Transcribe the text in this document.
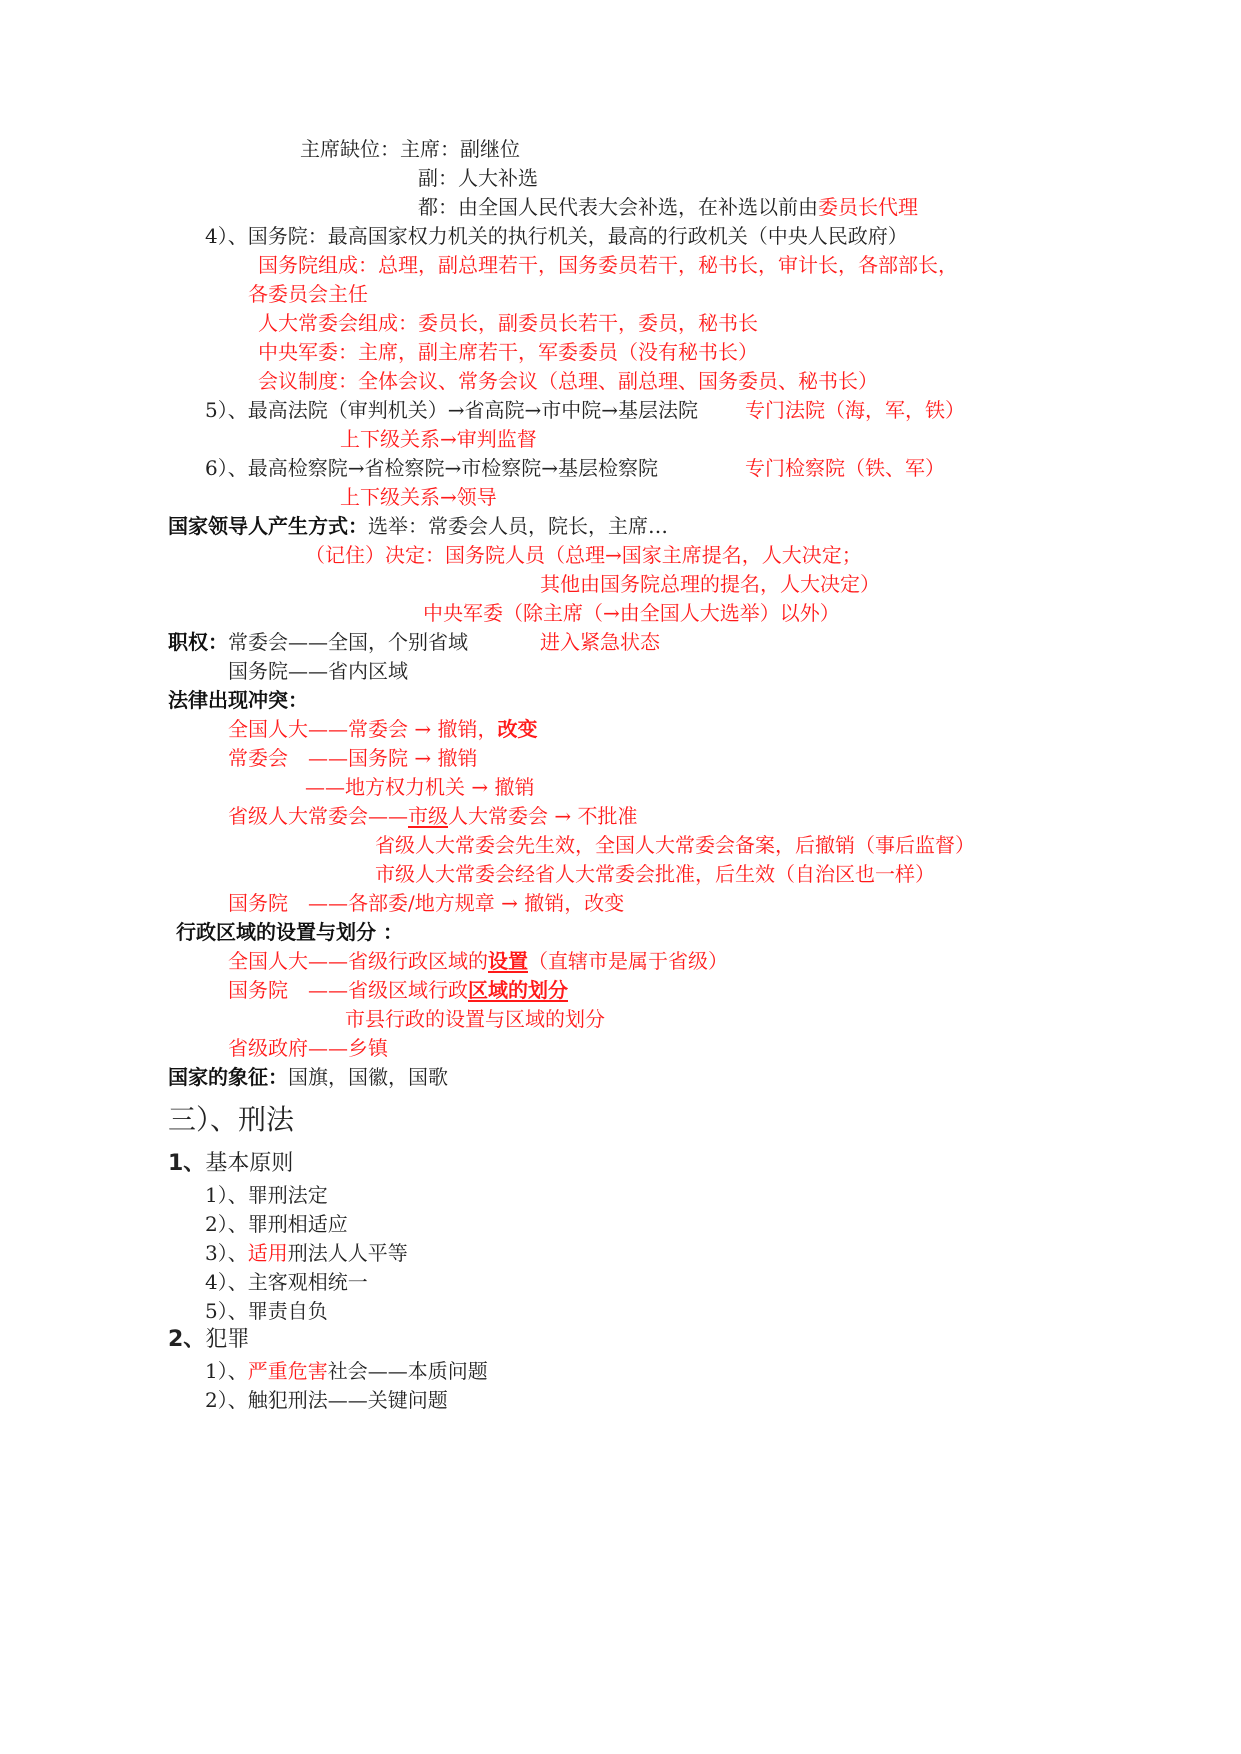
主席缺位：主席：副继位
副：人大补选
都：由全国人民代表大会补选，在补选以前由委员长代理
4）、国务院：最高国家权力机关的执行机关，最高的行政机关（中央人民政府）
国务院组成：总理，副总理若干，国务委员若干，秘书长，审计长，各部部长，
各委员会主任
人大常委会组成：委员长，副委员长若干，委员，秘书长
中央军委：主席，副主席若干，军委委员（没有秘书长）
会议制度：全体会议、常务会议（总理、副总理、国务委员、秘书长）
5）、最高法院（审判机关）→省高院→市中院→基层法院 专门法院（海，军，铁）
上下级关系→审判监督
6）、最高检察院→省检察院→市检察院→基层检察院	专门检察院（铁、军）
上下级关系→领导
国家领导人产生方式：选举：常委会人员，院长，主席…
（记住）决定：国务院人员（总理→国家主席提名，人大决定；
其他由国务院总理的提名，人大决定）
中央军委（除主席（→由全国人大选举）以外）
职权：常委会——全国，个别省域	进入紧急状态
国务院——省内区域
法律出现冲突：
全国人大——常委会 → 撤销，改变
常委会　——国务院 → 撤销
——地方权力机关 → 撤销
省级人大常委会——市级人大常委会 → 不批准
省级人大常委会先生效，全国人大常委会备案，后撤销（事后监督）
市级人大常委会经省人大常委会批准，后生效（自治区也一样）
国务院　——各部委/地方规章 → 撤销，改变
行政区域的设置与划分 ：
全国人大——省级行政区域的设置（直辖市是属于省级）
国务院　——省级区域行政区域的划分
市县行政的设置与区域的划分
省级政府——乡镇
国家的象征：国旗，国徽，国歌
三）、刑法
1、基本原则
1）、罪刑法定
2）、罪刑相适应
3）、适用刑法人人平等
4）、主客观相统一
5）、罪责自负
2、犯罪
1）、严重危害社会——本质问题
2）、触犯刑法——关键问题
